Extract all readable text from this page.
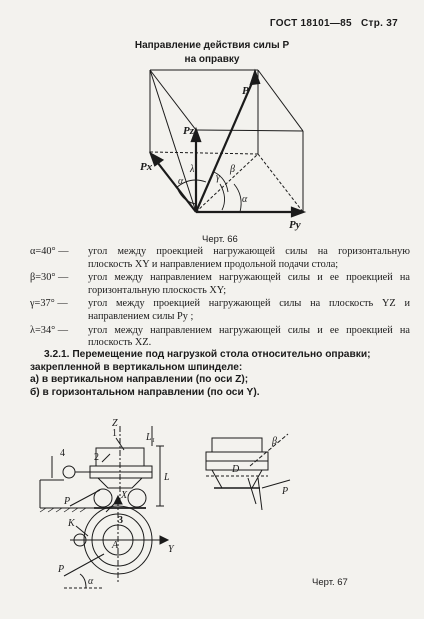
ГОСТ 18101—85 Стр. 37
Направление действия силы P
на оправку
P
Pz
Px
Py
λ
α
β
γ
α
Черт. 66
α=40° —	угол между проекцией нагружающей силы на горизонтальную плоскость XY и направлением продольной подачи стола;
β=30° —	угол между направлением нагружающей силы и ее проекцией на горизонтальную плоскость XY;
γ=37° —	угол между проекцией нагружающей силы на плоскость YZ и направлением силы Pу ;
λ=34° —	угол между направлением нагружающей силы и ее проекцией на плоскость XZ.
3.2.1. Перемещение под нагрузкой стола относительно оправки; закрепленной в вертикальном шпинделе:
а) в вертикальном направлении (по оси Z);
б) в горизонтальном направлении (по оси Y).
1
2
3
4
Z
X
Y
K
A
P
P
P
L
L₁
D
β
α	Черт. 67
